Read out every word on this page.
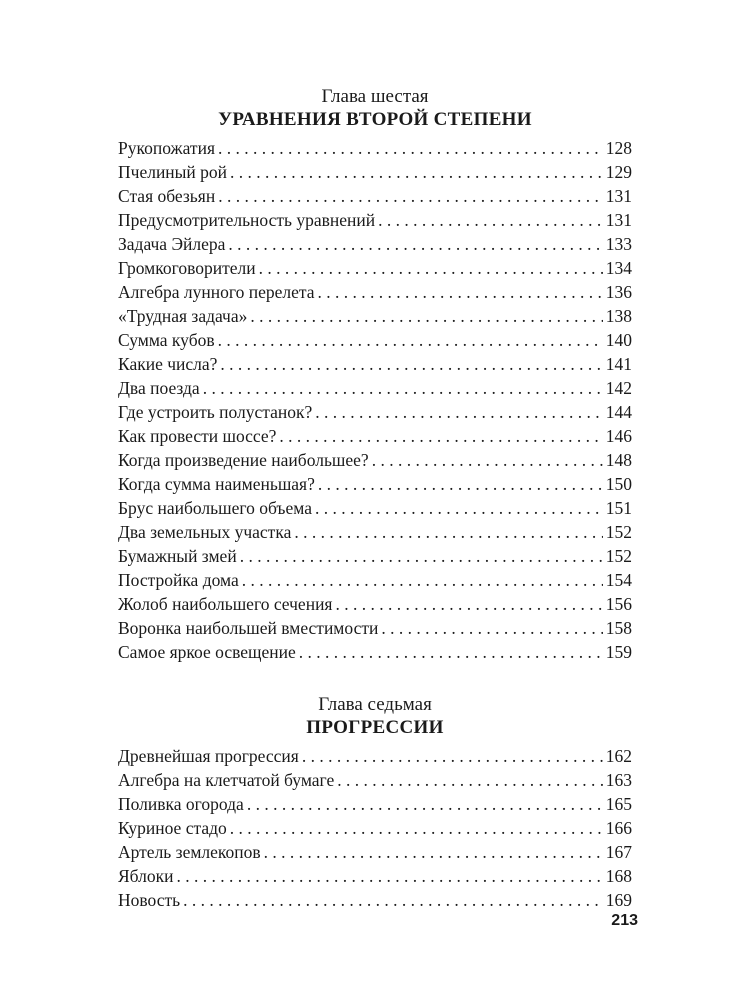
Глава шестая

УРАВНЕНИЯ ВТОРОЙ СТЕПЕНИ

Рукопожатия . . .	128
Пчелиный рой . . .	129
Стая обезьян . . .	131
Предусмотрительность уравнений . . .	131
Задача Эйлера . . .	133
Громкоговорители . . .	134
Алгебра лунного перелета . . .	136
«Трудная задача» . . .	138
Сумма кубов . . .	140
Какие числа? . . .	141
Два поезда . . .	142
Где устроить полустанок? . . .	144
Как провести шоссе? . . .	146
Когда произведение наибольшее? . . .	148
Когда сумма наименьшая? . . .	150
Брус наибольшего объема . . .	151
Два земельных участка . . .	152
Бумажный змей . . .	152
Постройка дома . . .	154
Жолоб наибольшего сечения . . .	156
Воронка наибольшей вместимости . . .	158
Самое яркое освещение . . .	159

Глава седьмая

ПРОГРЕССИИ

Древнейшая прогрессия . . .	162
Алгебра на клетчатой бумаге . . .	163
Поливка огорода . . .	165
Куриное стадо . . .	166
Артель землекопов . . .	167
Яблоки . . .	168
Новость . . .	169
213
